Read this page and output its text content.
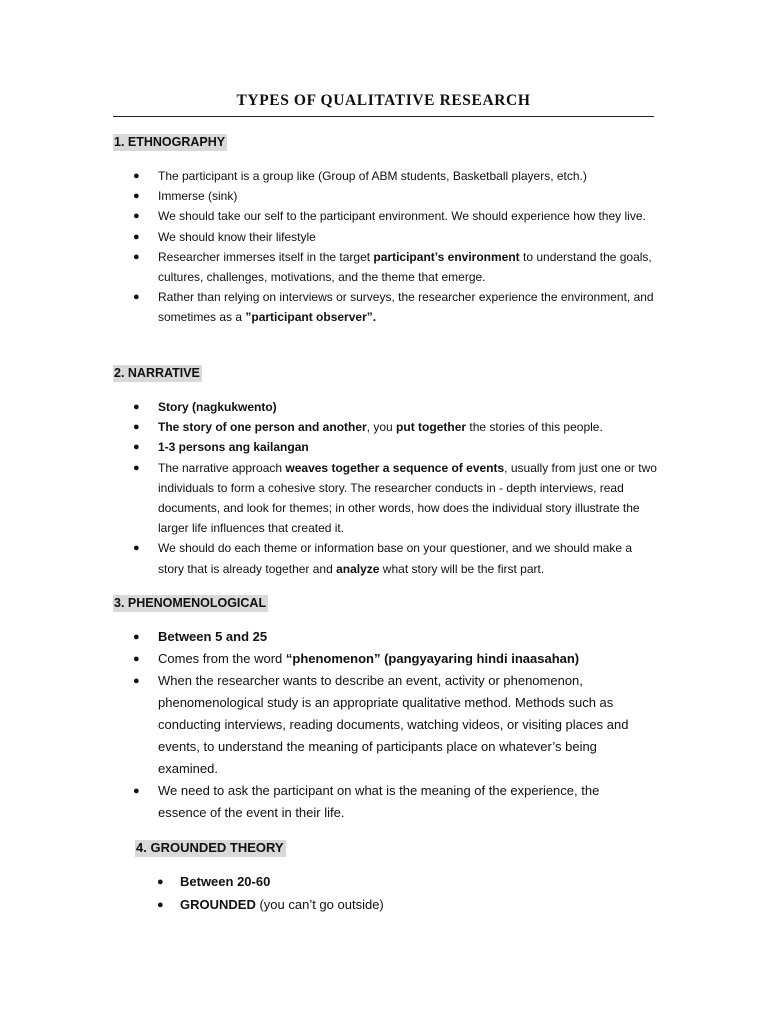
TYPES OF QUALITATIVE RESEARCH
1. ETHNOGRAPHY
● The participant is a group like (Group of ABM students, Basketball players, etch.)
● Immerse (sink)
● We should take our self to the participant environment. We should experience how they live.
● We should know their lifestyle
● Researcher immerses itself in the target participant’s environment to understand the goals, cultures, challenges, motivations, and the theme that emerge.
● Rather than relying on interviews or surveys, the researcher experience the environment, and sometimes as a ”participant observer”.
2. NARRATIVE
● Story (nagkukwento)
● The story of one person and another, you put together the stories of this people.
● 1-3 persons ang kailangan
● The narrative approach weaves together a sequence of events, usually from just one or two individuals to form a cohesive story. The researcher conducts in - depth interviews, read documents, and look for themes; in other words, how does the individual story illustrate the larger life influences that created it.
● We should do each theme or information base on your questioner, and we should make a story that is already together and analyze what story will be the first part.
3. PHENOMENOLOGICAL
● Between 5 and 25
● Comes from the word “phenomenon” (pangyayaring hindi inaasahan)
● When the researcher wants to describe an event, activity or phenomenon, phenomenological study is an appropriate qualitative method. Methods such as conducting interviews, reading documents, watching videos, or visiting places and events, to understand the meaning of participants place on whatever’s being examined.
● We need to ask the participant on what is the meaning of the experience, the essence of the event in their life.
4. GROUNDED THEORY
● Between 20-60
● GROUNDED (you can’t go outside)
